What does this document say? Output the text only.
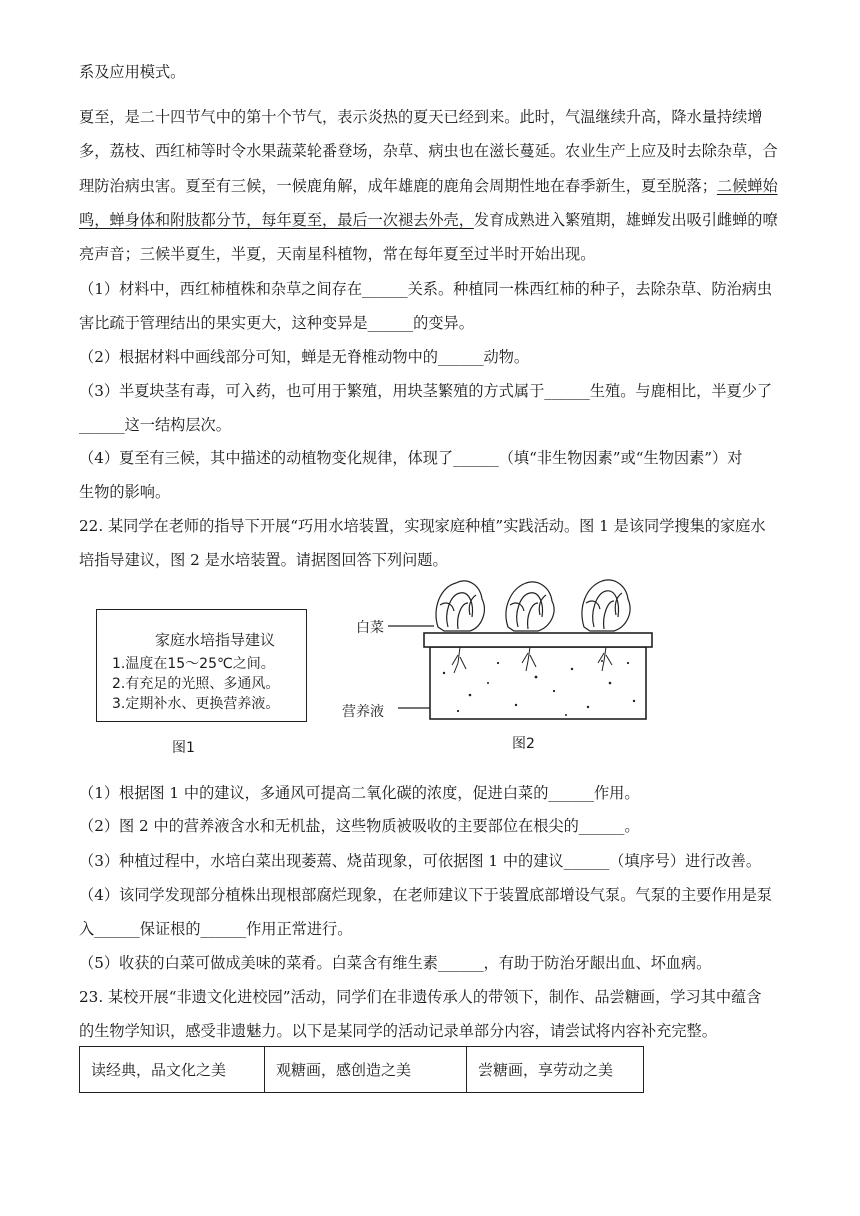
系及应用模式。
夏至，是二十四节气中的第十个节气，表示炎热的夏天已经到来。此时，气温继续升高，降水量持续增
多，荔枝、西红柿等时令水果蔬菜轮番登场，杂草、病虫也在滋长蔓延。农业生产上应及时去除杂草，合
理防治病虫害。夏至有三候，一候鹿角解，成年雄鹿的鹿角会周期性地在春季新生，夏至脱落；二候蝉始
鸣，蝉身体和附肢都分节，每年夏至，最后一次褪去外壳，发育成熟进入繁殖期，雄蝉发出吸引雌蝉的嘹
亮声音；三候半夏生，半夏，天南星科植物，常在每年夏至过半时开始出现。
（1）材料中，西红柿植株和杂草之间存在______关系。种植同一株西红柿的种子，去除杂草、防治病虫
害比疏于管理结出的果实更大，这种变异是______的变异。
（2）根据材料中画线部分可知，蝉是无脊椎动物中的______动物。
（3）半夏块茎有毒，可入药，也可用于繁殖，用块茎繁殖的方式属于______生殖。与鹿相比，半夏少了
______这一结构层次。
（4）夏至有三候，其中描述的动植物变化规律，体现了______（填“非生物因素”或“生物因素”）对
生物的影响。
22. 某同学在老师的指导下开展“巧用水培装置，实现家庭种植”实践活动。图 1 是该同学搜集的家庭水
培指导建议，图 2 是水培装置。请据图回答下列问题。
家庭水培指导建议
1.温度在15～25℃之间。
2.有充足的光照、多通风。
3.定期补水、更换营养液。
图1
白菜
营养液
图2
（1）根据图 1 中的建议，多通风可提高二氧化碳的浓度，促进白菜的______作用。
（2）图 2 中的营养液含水和无机盐，这些物质被吸收的主要部位在根尖的______。
（3）种植过程中，水培白菜出现萎蔫、烧苗现象，可依据图 1 中的建议______（填序号）进行改善。
（4）该同学发现部分植株出现根部腐烂现象，在老师建议下于装置底部增设气泵。气泵的主要作用是泵
入______保证根的______作用正常进行。
（5）收获的白菜可做成美味的菜肴。白菜含有维生素______，有助于防治牙龈出血、坏血病。
23. 某校开展“非遗文化进校园”活动，同学们在非遗传承人的带领下，制作、品尝糖画，学习其中蕴含
的生物学知识，感受非遗魅力。以下是某同学的活动记录单部分内容，请尝试将内容补充完整。
读经典，品文化之美	观糖画，感创造之美	尝糖画，享劳动之美
